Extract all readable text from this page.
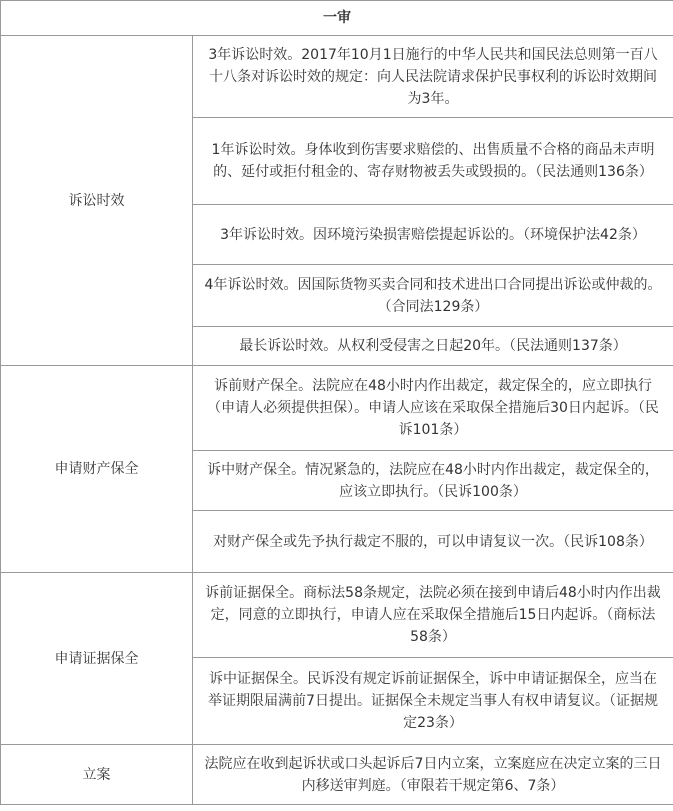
一审	
诉讼时效	3年诉讼时效。2017年10月1日施行的中华人民共和国民法总则第一百八十八条对诉讼时效的规定：向人民法院请求保护民事权利的诉讼时效期间为3年。
	1年诉讼时效。身体收到伤害要求赔偿的、出售质量不合格的商品未声明的、延付或拒付租金的、寄存财物被丢失或毁损的。（民法通则136条）
	3年诉讼时效。因环境污染损害赔偿提起诉讼的。（环境保护法42条）
	4年诉讼时效。因国际货物买卖合同和技术进出口合同提出诉讼或仲裁的。（合同法129条）
	最长诉讼时效。从权利受侵害之日起20年。（民法通则137条）
申请财产保全	诉前财产保全。法院应在48小时内作出裁定，裁定保全的，应立即执行（申请人必须提供担保）。申请人应该在采取保全措施后30日内起诉。（民诉101条）
	诉中财产保全。情况紧急的，法院应在48小时内作出裁定，裁定保全的，应该立即执行。（民诉100条）
	对财产保全或先予执行裁定不服的，可以申请复议一次。（民诉108条）
申请证据保全	诉前证据保全。商标法58条规定，法院必须在接到申请后48小时内作出裁定，同意的立即执行，申请人应在采取保全措施后15日内起诉。（商标法58条）
	诉中证据保全。民诉没有规定诉前证据保全，诉中申请证据保全，应当在举证期限届满前7日提出。证据保全未规定当事人有权申请复议。（证据规定23条）
立案	法院应在收到起诉状或口头起诉后7日内立案，立案庭应在决定立案的三日内移送审判庭。（审限若干规定第6、7条）
